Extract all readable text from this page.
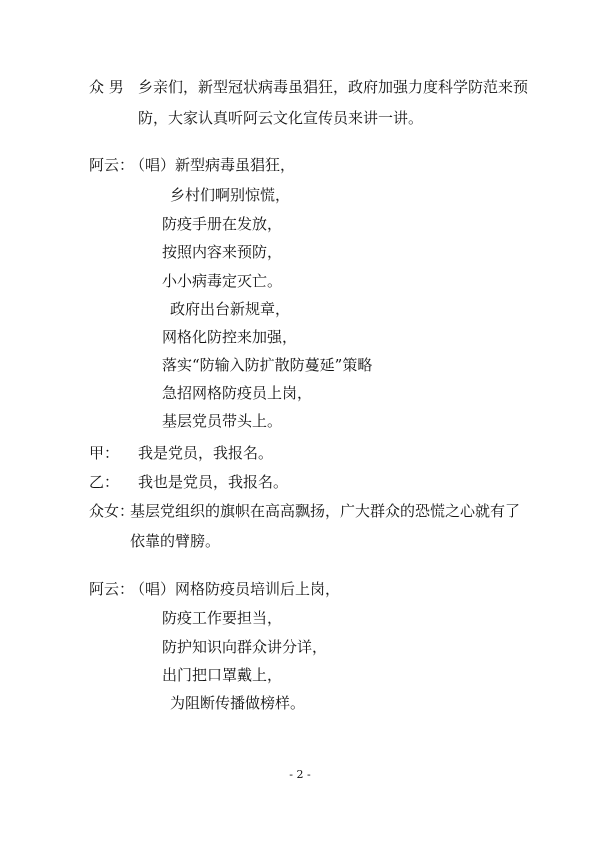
众 男 乡亲们，新型冠状病毒虽猖狂，政府加强力度科学防范来预
防，大家认真听阿云文化宣传员来讲一讲。
阿云：
（唱）新型病毒虽猖狂，
乡村们啊别惊慌，
防疫手册在发放，
按照内容来预防，
小小病毒定灭亡。
政府出台新规章，
网格化防控来加强，
落实“防输入防扩散防蔓延”策略
急招网格防疫员上岗，
基层党员带头上。
甲： 我是党员，我报名。
乙： 我也是党员，我报名。
众女：
基层党组织的旗帜在高高飘扬，广大群众的恐慌之心就有了
依靠的臂膀。
阿云：
（唱）网格防疫员培训后上岗，
防疫工作要担当，
防护知识向群众讲分详，
出门把口罩戴上，
为阻断传播做榜样。
- 2 -
